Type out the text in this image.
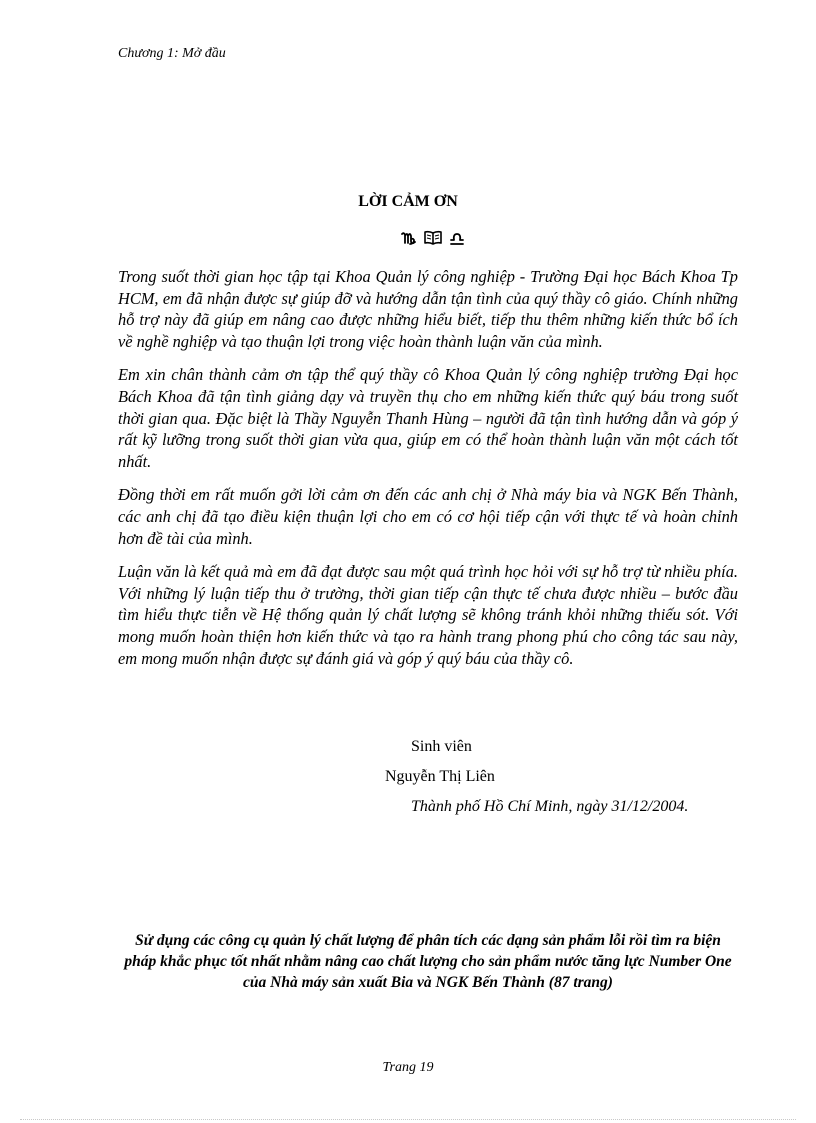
Chương 1: Mở đầu
LỜI CẢM ƠN

Trong suốt thời gian học tập tại Khoa Quản lý công nghiệp - Trường Đại học Bách Khoa Tp HCM, em đã nhận được sự giúp đỡ và hướng dẫn tận tình của quý thầy cô giáo. Chính những hỗ trợ này đã giúp em nâng cao được những hiểu biết, tiếp thu thêm những kiến thức bổ ích về nghề nghiệp và tạo thuận lợi trong việc hoàn thành luận văn của mình.

Em xin chân thành cảm ơn tập thể quý thầy cô Khoa Quản lý công nghiệp trường Đại học Bách Khoa đã tận tình giảng dạy và truyền thụ cho em những kiến thức quý báu trong suốt thời gian qua. Đặc biệt là Thầy Nguyễn Thanh Hùng – người đã tận tình hướng dẫn và góp ý rất kỹ lưỡng trong suốt thời gian vừa qua, giúp em có thể hoàn thành luận văn một cách tốt nhất.

Đồng thời em rất muốn gởi lời cảm ơn đến các anh chị ở Nhà máy bia và NGK Bến Thành, các anh chị đã tạo điều kiện thuận lợi cho em có cơ hội tiếp cận với thực tế và hoàn chỉnh hơn đề tài của mình.

Luận văn là kết quả mà em đã đạt được sau một quá trình học hỏi với sự hỗ trợ từ nhiều phía. Với những lý luận tiếp thu ở trường, thời gian tiếp cận thực tế chưa được nhiều – bước đầu tìm hiểu thực tiễn về Hệ thống quản lý chất lượng sẽ không tránh khỏi những thiếu sót. Với mong muốn hoàn thiện hơn kiến thức và tạo ra hành trang phong phú cho công tác sau này, em mong muốn nhận được sự đánh giá và góp ý quý báu của thầy cô.

Sinh viên
Nguyễn Thị Liên
Thành phố Hồ Chí Minh, ngày 31/12/2004.
Sử dụng các công cụ quản lý chất lượng để phân tích các dạng sản phẩm lỗi rồi tìm ra biện pháp khắc phục tốt nhất nhằm nâng cao chất lượng cho sản phẩm nước tăng lực Number One của Nhà máy sản xuất Bia và NGK Bến Thành (87 trang)
Trang 19
